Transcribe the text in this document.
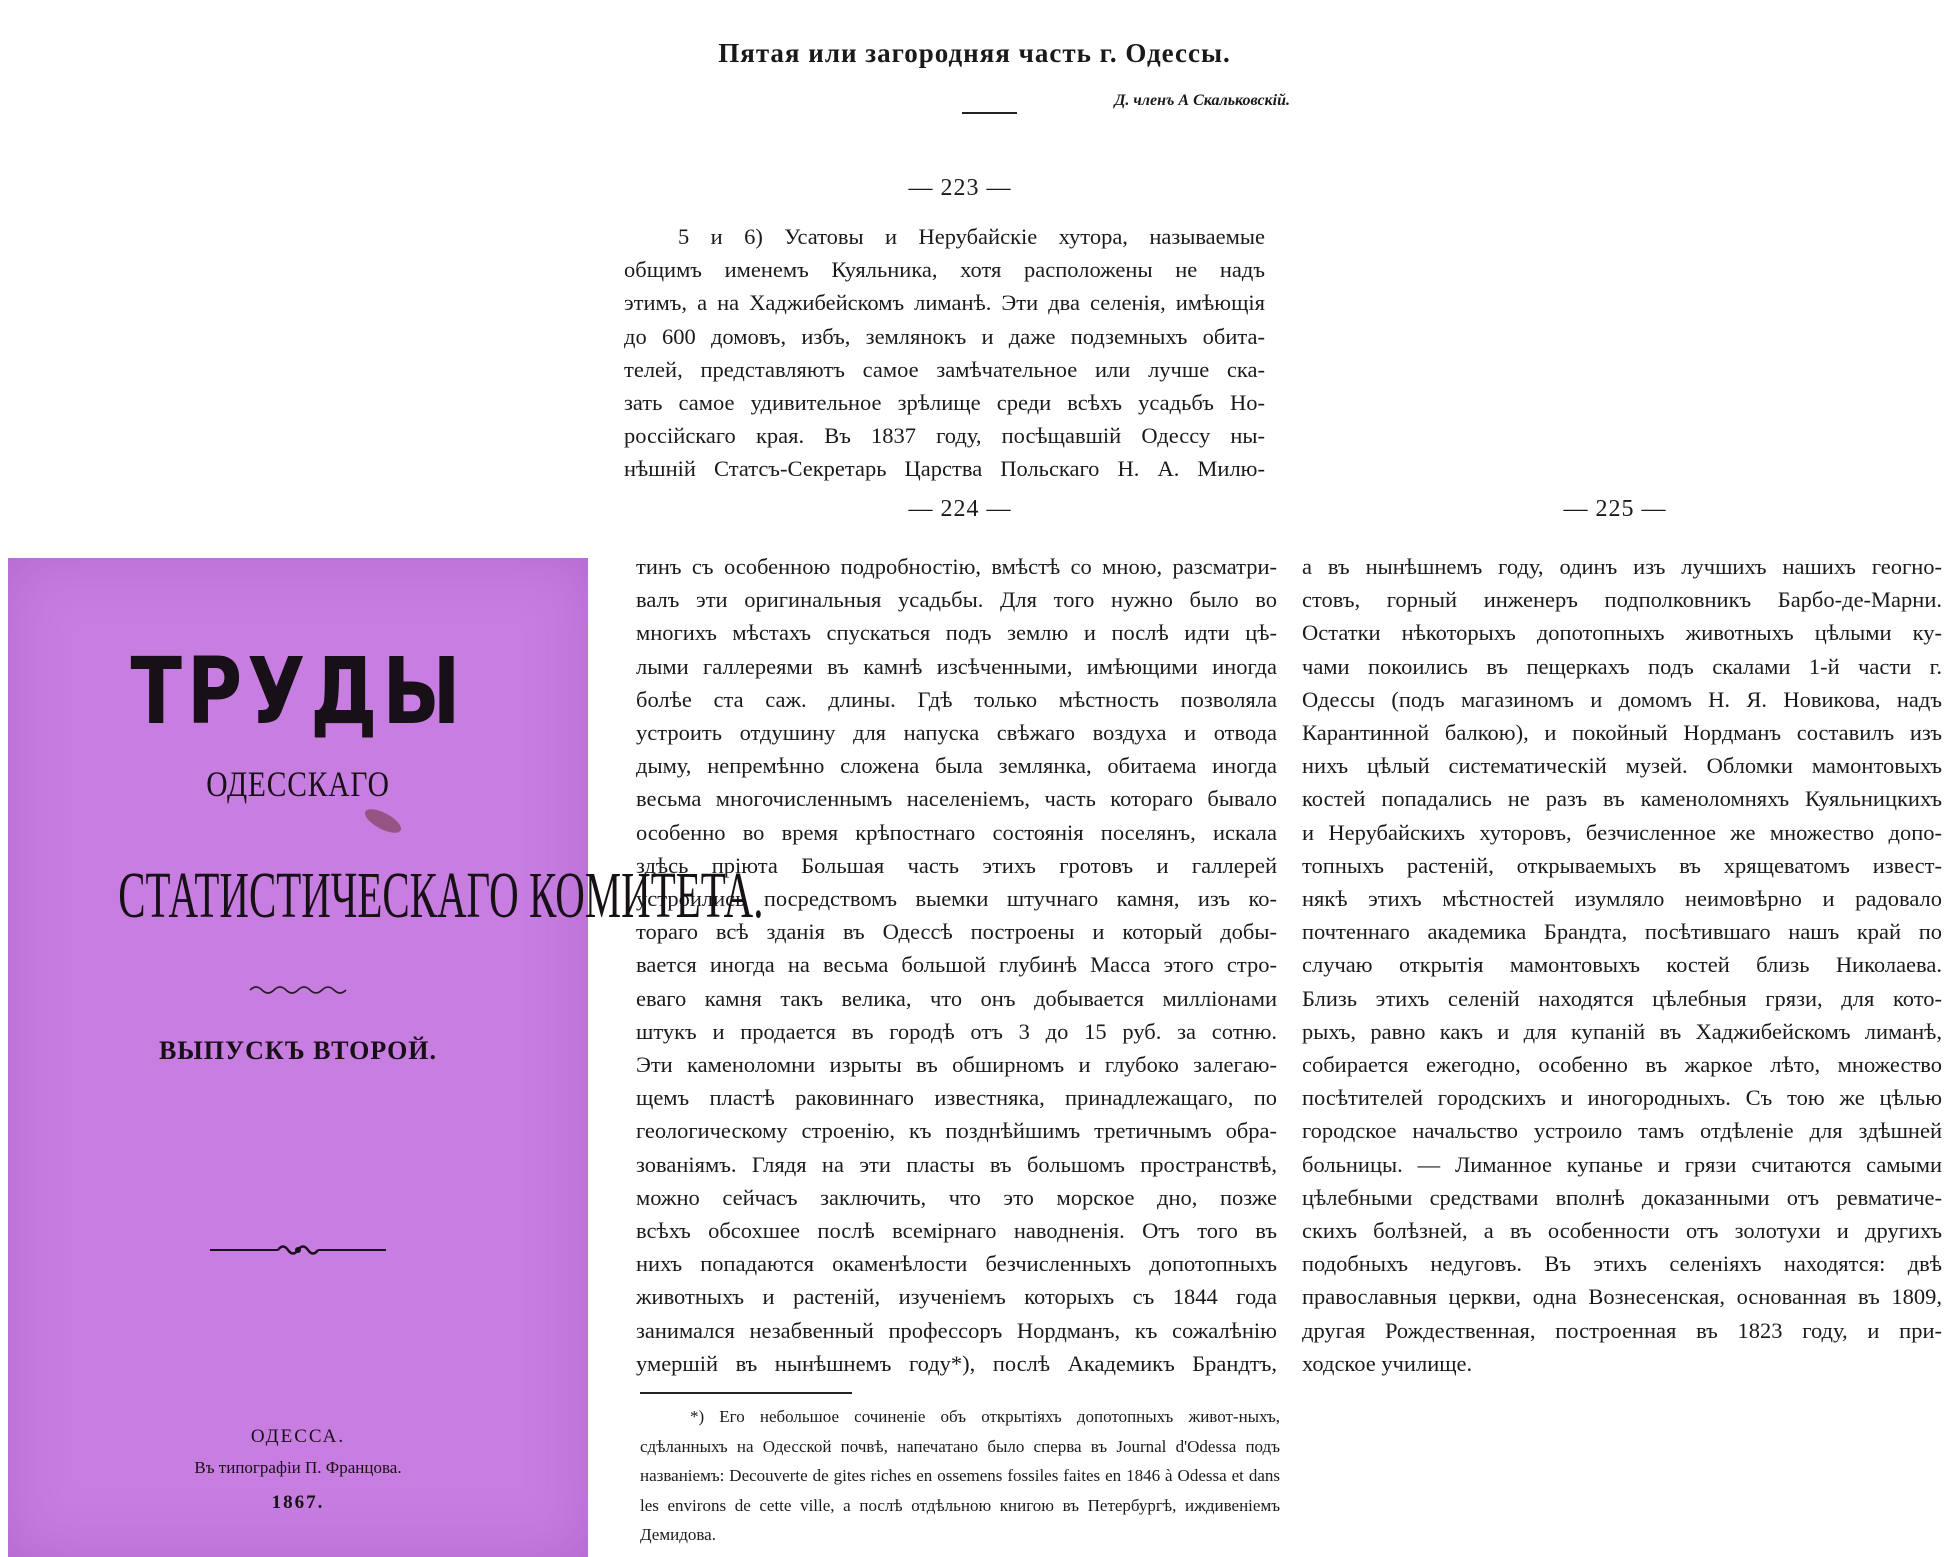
Пятая или загородняя часть г. Одессы.
Д. членъ А Скальковскій.
— 223 —

5 и 6) Усатовы и Нерубайскіе хутора, называемые

общимъ именемъ Куяльника, хотя расположены не надъ

этимъ, а на Хаджибейскомъ лиманѣ. Эти два селенія, имѣющія

до 600 домовъ, избъ, землянокъ и даже подземныхъ обита-

телей, представляютъ самое замѣчательное или лучше ска-

зать самое удивительное зрѣлище среди всѣхъ усадьбъ Но-

россійскаго края. Въ 1837 году, посѣщавшій Одессу ны-

нѣшній Статсъ-Секретарь Царства Польскаго Н. А. Милю-

— 224 —

тинъ съ особенною подробностію, вмѣстѣ со мною, разсматри-

валъ эти оригинальныя усадьбы. Для того нужно было во

многихъ мѣстахъ спускаться подъ землю и послѣ идти цѣ-

лыми галлереями въ камнѣ изсѣченными, имѣющими иногда

болѣе ста саж. длины. Гдѣ только мѣстность позволяла

устроить отдушину для напуска свѣжаго воздуха и отвода

дыму, непремѣнно сложена была землянка, обитаема иногда

весьма многочисленнымъ населеніемъ, часть котораго бывало

особенно во время крѣпостнаго состоянія поселянъ, искала

здѣсь пріюта Большая часть этихъ гротовъ и галлерей

устроились посредствомъ выемки штучнаго камня, изъ ко-

тораго всѣ зданія въ Одессѣ построены и который добы-

вается иногда на весьма большой глубинѣ Масса этого стро-

еваго камня такъ велика, что онъ добывается милліонами

штукъ и продается въ городѣ отъ 3 до 15 руб. за сотню.

Эти каменоломни изрыты въ обширномъ и глубоко залегаю-

щемъ пластѣ раковиннаго известняка, принадлежащаго, по

геологическому строенію, къ позднѣйшимъ третичнымъ обра-

зованіямъ. Глядя на эти пласты въ большомъ пространствѣ,

можно сейчасъ заключить, что это морское дно, позже

всѣхъ обсохшее послѣ всемірнаго наводненія. Отъ того въ

нихъ попадаются окаменѣлости безчисленныхъ допотопныхъ

животныхъ и растеній, изученіемъ которыхъ съ 1844 года

занимался незабвенный профессоръ Нордманъ, къ сожалѣнію

умершій въ нынѣшнемъ году*), послѣ Академикъ Брандтъ,

*) Его небольшое сочиненіе объ открытіяхъ допотопныхъ живот-ныхъ, сдѣланныхъ на Одесской почвѣ, напечатано было сперва въ Journal d'Odessa подъ названіемъ: Decouverte de gites riches en ossemens fossiles faites en 1846 à Odessa et dans les environs de cette ville, а послѣ отдѣльною книгою въ Петербургѣ, иждивеніемъ Демидова.
— 225 —

а въ нынѣшнемъ году, одинъ изъ лучшихъ нашихъ геогно-

стовъ, горный инженеръ подполковникъ Барбо-де-Марни.

Остатки нѣкоторыхъ допотопныхъ животныхъ цѣлыми ку-

чами покоились въ пещеркахъ подъ скалами 1-й части г.

Одессы (подъ магазиномъ и домомъ Н. Я. Новикова, надъ

Карантинной балкою), и покойный Нордманъ составилъ изъ

нихъ цѣлый систематическій музей. Обломки мамонтовыхъ

костей попадались не разъ въ каменоломняхъ Куяльницкихъ

и Нерубайскихъ хуторовъ, безчисленное же множество допо-

топныхъ растеній, открываемыхъ въ хрящеватомъ извест-

някѣ этихъ мѣстностей изумляло неимовѣрно и радовало

почтеннаго академика Брандта, посѣтившаго нашъ край по

случаю открытія мамонтовыхъ костей близь Николаева.

Близь этихъ селеній находятся цѣлебныя грязи, для кото-

рыхъ, равно какъ и для купаній въ Хаджибейскомъ лиманѣ,

собирается ежегодно, особенно въ жаркое лѣто, множество

посѣтителей городскихъ и иногородныхъ. Съ тою же цѣлью

городское начальство устроило тамъ отдѣленіе для здѣшней

больницы. — Лиманное купанье и грязи считаются самыми

цѣлебными средствами вполнѣ доказанными отъ ревматиче-

скихъ болѣзней, а въ особенности отъ золотухи и другихъ

подобныхъ недуговъ. Въ этихъ селеніяхъ находятся: двѣ

православныя церкви, одна Вознесенская, основанная въ 1809,

другая Рождественная, построенная въ 1823 году, и при-

ходское училище.

ТРУДЫ
ОДЕССКАГО
СТАТИСТИЧЕСКАГО КОМИТЕТА.
ВЫПУСКЪ ВТОРОЙ.
ОДЕССА.
Въ типографіи П. Францова.
1867.
